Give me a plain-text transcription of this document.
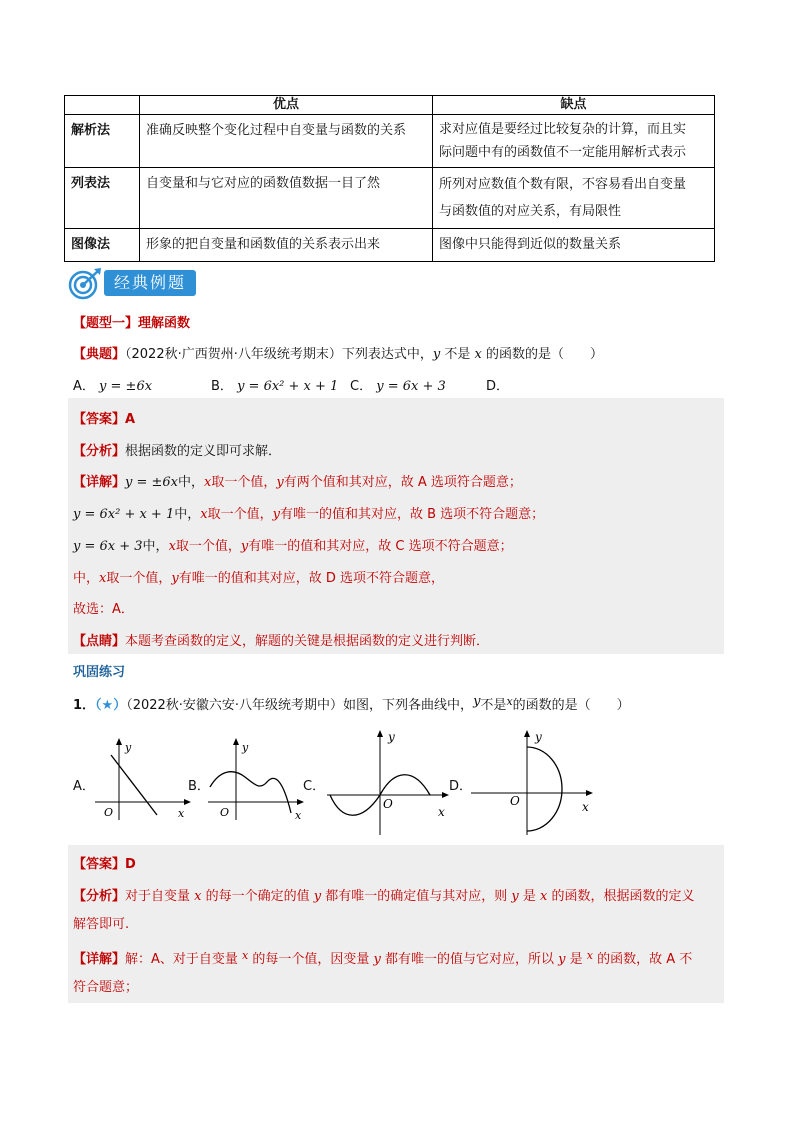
	优点	缺点
解析法	准确反映整个变化过程中自变量与函数的关系	求对应值是要经过比较复杂的计算，而且实
际问题中有的函数值不一定能用解析式表示

列表法	自变量和与它对应的函数值数据一目了然	所列对应数值个数有限，不容易看出自变量
与函数值的对应关系，有局限性

图像法	形象的把自变量和函数值的关系表示出来	图像中只能得到近似的数量关系
经典例题
【题型一】理解函数
【典题】（2022秋·广西贺州·八年级统考期末）下列表达式中，y 不是 x 的函数的是（　　）
A． y = ±6x	B． y = 6x² + x + 1 C． y = 6x + 3	D．
【答案】A
【分析】根据函数的定义即可求解．
【详解】y = ±6x中，x取一个值，y有两个值和其对应，故 A 选项符合题意；
y = 6x² + x + 1中，x取一个值，y有唯一的值和其对应，故 B 选项不符合题意；
y = 6x + 3中，x取一个值，y有唯一的值和其对应，故 C 选项不符合题意；
中，x取一个值，y有唯一的值和其对应，故 D 选项不符合题意，
故选：A．
【点睛】本题考查函数的定义，解题的关键是根据函数的定义进行判断．
巩固练习
1．（★）（2022秋·安徽六安·八年级统考期中）如图，下列各曲线中，y不是$^x$的函数的是（　　）
A．
y
x
O
B．
y
x
O
C．
y
x
O
D．
y
x
O
【答案】D
【分析】对于自变量 x 的每一个确定的值 y 都有唯一的确定值与其对应，则 y 是 x 的函数，根据函数的定义
解答即可.
【详解】解：A、对于自变量 $^x$ 的每一个值，因变量 y 都有唯一的值与它对应，所以 y 是 $^x$ 的函数，故 A 不
符合题意；
